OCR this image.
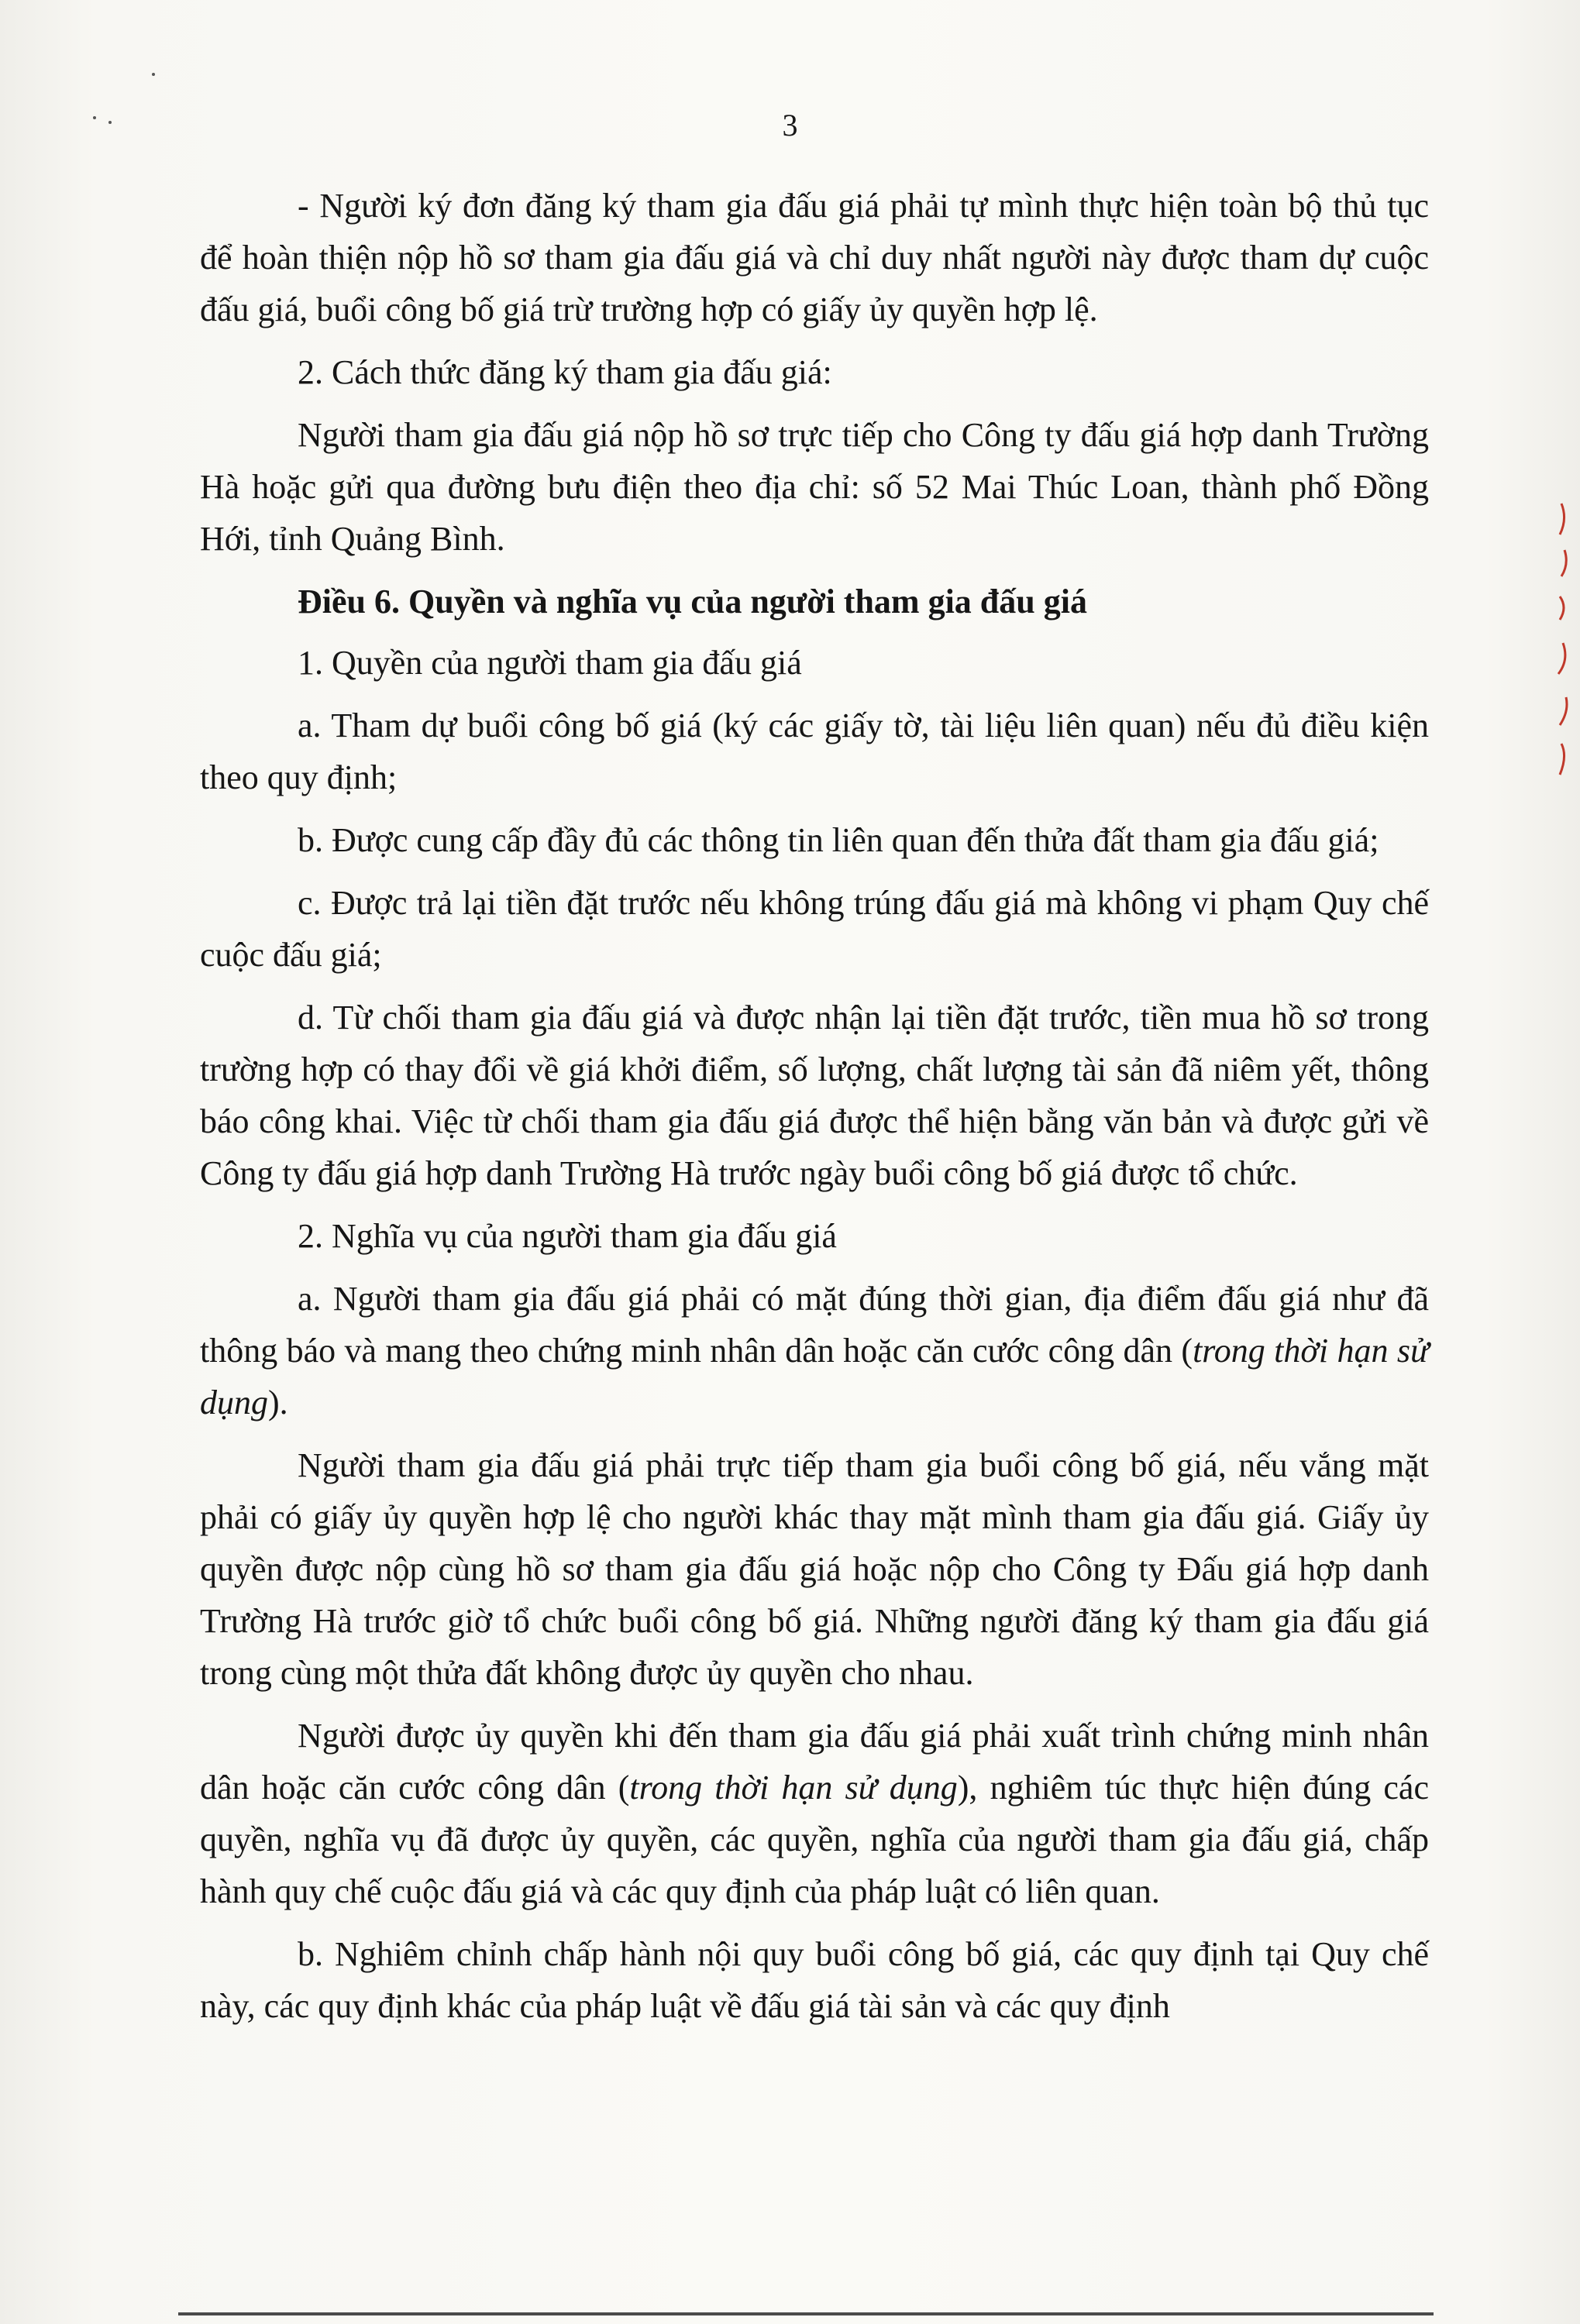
3

- Người ký đơn đăng ký tham gia đấu giá phải tự mình thực hiện toàn bộ thủ tục để hoàn thiện nộp hồ sơ tham gia đấu giá và chỉ duy nhất người này được tham dự cuộc đấu giá, buổi công bố giá trừ trường hợp có giấy ủy quyền hợp lệ.

2. Cách thức đăng ký tham gia đấu giá:

Người tham gia đấu giá nộp hồ sơ trực tiếp cho Công ty đấu giá hợp danh Trường Hà hoặc gửi qua đường bưu điện theo địa chỉ: số 52 Mai Thúc Loan, thành phố Đồng Hới, tỉnh Quảng Bình.

Điều 6. Quyền và nghĩa vụ của người tham gia đấu giá

1. Quyền của người tham gia đấu giá

a. Tham dự buổi công bố giá (ký các giấy tờ, tài liệu liên quan) nếu đủ điều kiện theo quy định;

b. Được cung cấp đầy đủ các thông tin liên quan đến thửa đất tham gia đấu giá;

c. Được trả lại tiền đặt trước nếu không trúng đấu giá mà không vi phạm Quy chế cuộc đấu giá;

d. Từ chối tham gia đấu giá và được nhận lại tiền đặt trước, tiền mua hồ sơ trong trường hợp có thay đổi về giá khởi điểm, số lượng, chất lượng tài sản đã niêm yết, thông báo công khai. Việc từ chối tham gia đấu giá được thể hiện bằng văn bản và được gửi về Công ty đấu giá hợp danh Trường Hà trước ngày buổi công bố giá được tổ chức.

2. Nghĩa vụ của người tham gia đấu giá

a. Người tham gia đấu giá phải có mặt đúng thời gian, địa điểm đấu giá như đã thông báo và mang theo chứng minh nhân dân hoặc căn cước công dân (trong thời hạn sử dụng).

Người tham gia đấu giá phải trực tiếp tham gia buổi công bố giá, nếu vắng mặt phải có giấy ủy quyền hợp lệ cho người khác thay mặt mình tham gia đấu giá. Giấy ủy quyền được nộp cùng hồ sơ tham gia đấu giá hoặc nộp cho Công ty Đấu giá hợp danh Trường Hà trước giờ tổ chức buổi công bố giá. Những người đăng ký tham gia đấu giá trong cùng một thửa đất không được ủy quyền cho nhau.

Người được ủy quyền khi đến tham gia đấu giá phải xuất trình chứng minh nhân dân hoặc căn cước công dân (trong thời hạn sử dụng), nghiêm túc thực hiện đúng các quyền, nghĩa vụ đã được ủy quyền, các quyền, nghĩa của người tham gia đấu giá, chấp hành quy chế cuộc đấu giá và các quy định của pháp luật có liên quan.

b. Nghiêm chỉnh chấp hành nội quy buổi công bố giá, các quy định tại Quy chế này, các quy định khác của pháp luật về đấu giá tài sản và các quy định
